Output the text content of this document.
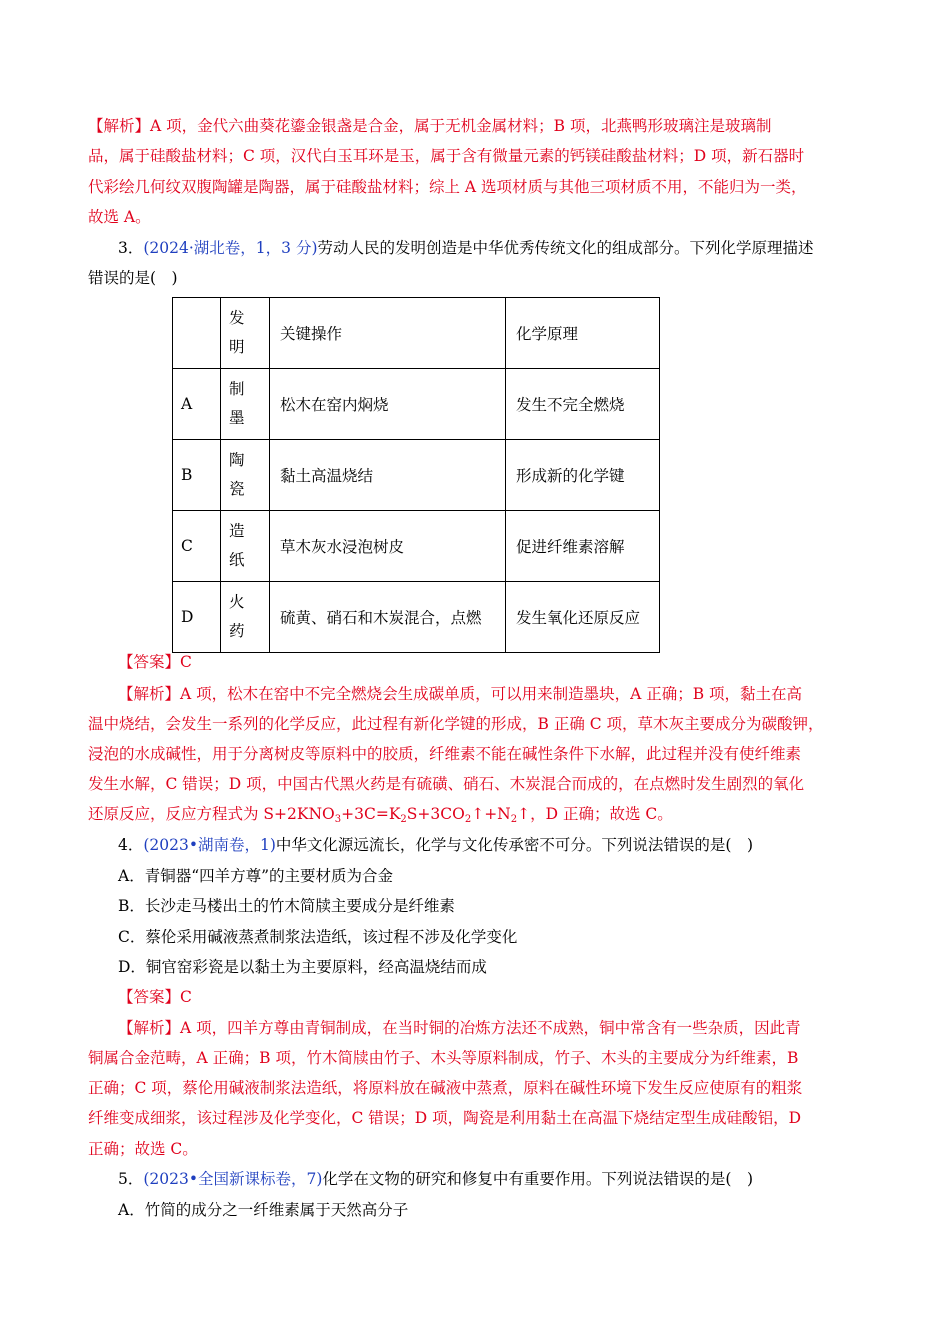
【解析】A 项，金代六曲葵花鎏金银盏是合金，属于无机金属材料；B 项，北燕鸭形玻璃注是玻璃制
品，属于硅酸盐材料；C 项，汉代白玉耳环是玉，属于含有微量元素的钙镁硅酸盐材料；D 项，新石器时
代彩绘几何纹双腹陶罐是陶器，属于硅酸盐材料；综上 A 选项材质与其他三项材质不用，不能归为一类，
故选 A。
3．(2024·湖北卷，1，3 分)劳动人民的发明创造是中华优秀传统文化的组成部分。下列化学原理描述
错误的是(　)

	发明	关键操作	化学原理
A	制墨	松木在窑内焖烧	发生不完全燃烧
B	陶瓷	黏土高温烧结	形成新的化学键
C	造纸	草木灰水浸泡树皮	促进纤维素溶解
D	火药	硫黄、硝石和木炭混合，点燃	发生氧化还原反应
【答案】C
【解析】A 项，松木在窑中不完全燃烧会生成碳单质，可以用来制造墨块，A 正确；B 项，黏土在高
温中烧结，会发生一系列的化学反应，此过程有新化学键的形成，B 正确 C 项，草木灰主要成分为碳酸钾，
浸泡的水成碱性，用于分离树皮等原料中的胶质，纤维素不能在碱性条件下水解，此过程并没有使纤维素
发生水解，C 错误；D 项，中国古代黑火药是有硫磺、硝石、木炭混合而成的，在点燃时发生剧烈的氧化
还原反应，反应方程式为 $S+2KNO_3+3C=K_2S+3CO_2↑+N_2↑$，D 正确；故选 C。
4．(2023•湖南卷，1)中华文化源远流长，化学与文化传承密不可分。下列说法错误的是(　)
A．青铜器“四羊方尊”的主要材质为合金
B．长沙走马楼出土的竹木简牍主要成分是纤维素
C．蔡伦采用碱液蒸煮制浆法造纸，该过程不涉及化学变化
D．铜官窑彩瓷是以黏土为主要原料，经高温烧结而成
【答案】C
【解析】A 项，四羊方尊由青铜制成，在当时铜的冶炼方法还不成熟，铜中常含有一些杂质，因此青
铜属合金范畴，A 正确；B 项，竹木简牍由竹子、木头等原料制成，竹子、木头的主要成分为纤维素，B
正确；C 项，蔡伦用碱液制浆法造纸，将原料放在碱液中蒸煮，原料在碱性环境下发生反应使原有的粗浆
纤维变成细浆，该过程涉及化学变化，C 错误；D 项，陶瓷是利用黏土在高温下烧结定型生成硅酸铝，D
正确；故选 C。
5．(2023•全国新课标卷，7)化学在文物的研究和修复中有重要作用。下列说法错误的是(　)
A．竹简的成分之一纤维素属于天然高分子
